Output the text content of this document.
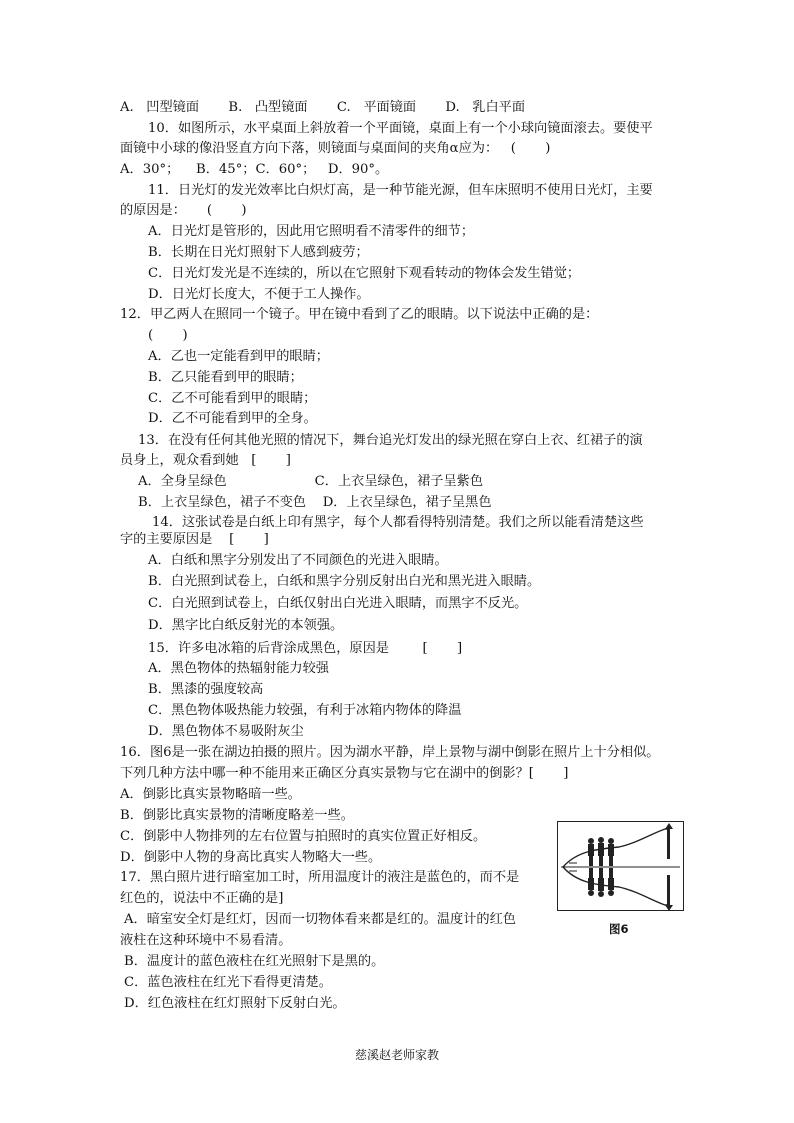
A.   凹型镜面       B.   凸型镜面       C.   平面镜面       D.   乳白平面
10．如图所示，水平桌面上斜放着一个平面镜，桌面上有一个小球向镜面滚去。要使平
面镜中小球的像沿竖直方向下落，则镜面与桌面间的夹角α应为：   (       )
A．30°；    B．45°；C．60°；   D．90°。
11．日光灯的发光效率比白炽灯高，是一种节能光源，但车床照明不使用日光灯，主要
的原因是：     (       )
A．日光灯是管形的，因此用它照明看不清零件的细节；
B．长期在日光灯照射下人感到疲劳；
C．日光灯发光是不连续的，所以在它照射下观看转动的物体会发生错觉；
D．日光灯长度大，不便于工人操作。
12．甲乙两人在照同一个镜子。甲在镜中看到了乙的眼睛。以下说法中正确的是：
(       )
A．乙也一定能看到甲的眼睛；
B．乙只能看到甲的眼睛；
C．乙不可能看到甲的眼睛；
D．乙不可能看到甲的全身。
13．在没有任何其他光照的情况下，舞台追光灯发出的绿光照在穿白上衣、红裙子的演
员身上，观众看到她   [       ]
A．全身呈绿色                     C．上衣呈绿色，裙子呈紫色
B．上衣呈绿色，裙子不变色    D．上衣呈绿色，裙子呈黑色
14．这张试卷是白纸上印有黑字，每个人都看得特别清楚。我们之所以能看清楚这些
字的主要原因是    [       ]
A．白纸和黑字分别发出了不同颜色的光进入眼睛。
B．白光照到试卷上，白纸和黑字分别反射出白光和黑光进入眼睛。
C．白光照到试卷上，白纸仅射出白光进入眼睛，而黑字不反光。
D．黑字比白纸反射光的本领强。
15．许多电冰箱的后背涂成黑色，原因是        [       ]
A．黑色物体的热辐射能力较强
B．黑漆的强度较高
C．黑色物体吸热能力较强，有利于冰箱内物体的降温
D．黑色物体不易吸附灰尘
16．图6是一张在湖边拍摄的照片。因为湖水平静，岸上景物与湖中倒影在照片上十分相似。
下列几种方法中哪一种不能用来正确区分真实景物与它在湖中的倒影？[       ]
A．倒影比真实景物略暗一些。
B．倒影比真实景物的清晰度略差一些。
C．倒影中人物排列的左右位置与拍照时的真实位置正好相反。
D．倒影中人物的身高比真实人物略大一些。
17．黑白照片进行暗室加工时，所用温度计的液注是蓝色的，而不是
红色的，说法中不正确的是]
A．暗室安全灯是红灯，因而一切物体看来都是红的。温度计的红色
液柱在这种环境中不易看清。
B．温度计的蓝色液柱在红光照射下是黑的。
C．蓝色液柱在红光下看得更清楚。
D．红色液柱在红灯照射下反射白光。
图6
慈溪赵老师家教
